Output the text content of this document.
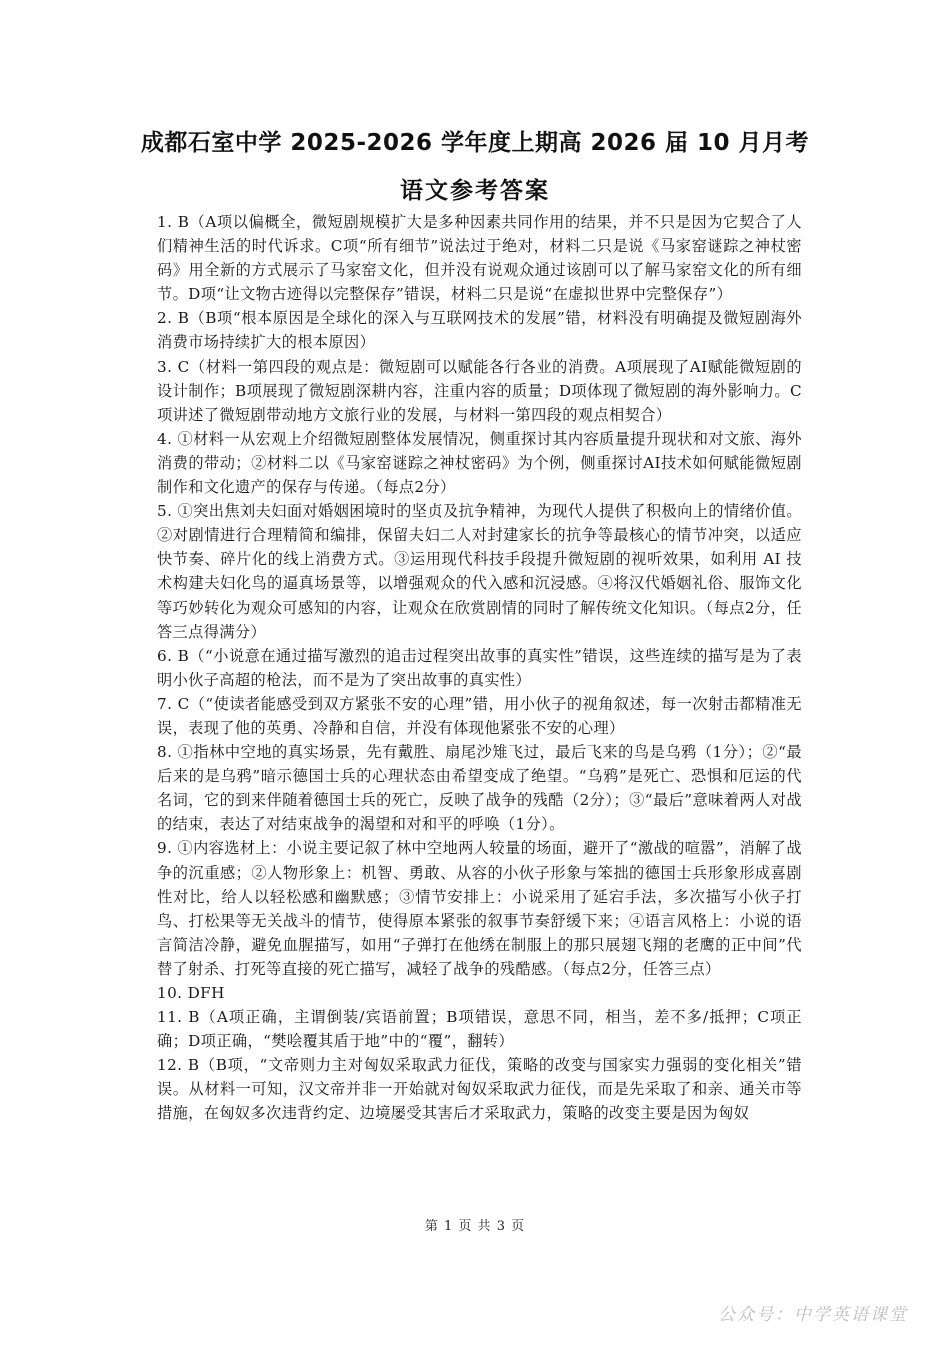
成都石室中学 2025-2026 学年度上期高 2026 届 10 月月考
语文参考答案

1. B（A项以偏概全，微短剧规模扩大是多种因素共同作用的结果，并不只是因为它契合了人们精神生活的时代诉求。C项“所有细节”说法过于绝对，材料二只是说《马家窑谜踪之神杖密码》用全新的方式展示了马家窑文化，但并没有说观众通过该剧可以了解马家窑文化的所有细节。D项“让文物古迹得以完整保存”错误，材料二只是说“在虚拟世界中完整保存”）

2. B（B项“根本原因是全球化的深入与互联网技术的发展”错，材料没有明确提及微短剧海外消费市场持续扩大的根本原因）

3. C（材料一第四段的观点是：微短剧可以赋能各行各业的消费。A项展现了AI赋能微短剧的设计制作；B项展现了微短剧深耕内容，注重内容的质量；D项体现了微短剧的海外影响力。C项讲述了微短剧带动地方文旅行业的发展，与材料一第四段的观点相契合）

4. ①材料一从宏观上介绍微短剧整体发展情况，侧重探讨其内容质量提升现状和对文旅、海外消费的带动；②材料二以《马家窑谜踪之神杖密码》为个例，侧重探讨AI技术如何赋能微短剧制作和文化遗产的保存与传递。（每点2分）

5. ①突出焦刘夫妇面对婚姻困境时的坚贞及抗争精神，为现代人提供了积极向上的情绪价值。②对剧情进行合理精简和编排，保留夫妇二人对封建家长的抗争等最核心的情节冲突，以适应快节奏、碎片化的线上消费方式。③运用现代科技手段提升微短剧的视听效果，如利用 AI 技术构建夫妇化鸟的逼真场景等，以增强观众的代入感和沉浸感。④将汉代婚姻礼俗、服饰文化等巧妙转化为观众可感知的内容，让观众在欣赏剧情的同时了解传统文化知识。（每点2分，任答三点得满分）

6. B（“小说意在通过描写激烈的追击过程突出故事的真实性”错误，这些连续的描写是为了表明小伙子高超的枪法，而不是为了突出故事的真实性）

7. C（“使读者能感受到双方紧张不安的心理”错，用小伙子的视角叙述，每一次射击都精准无误，表现了他的英勇、冷静和自信，并没有体现他紧张不安的心理）

8. ①指林中空地的真实场景，先有戴胜、扇尾沙雉飞过，最后飞来的鸟是乌鸦（1分）；②“最后来的是乌鸦”暗示德国士兵的心理状态由希望变成了绝望。“乌鸦”是死亡、恐惧和厄运的代名词，它的到来伴随着德国士兵的死亡，反映了战争的残酷（2分）；③“最后”意味着两人对战的结束，表达了对结束战争的渴望和对和平的呼唤（1分）。

9. ①内容选材上：小说主要记叙了林中空地两人较量的场面，避开了“激战的喧嚣”，消解了战争的沉重感；②人物形象上：机智、勇敢、从容的小伙子形象与笨拙的德国士兵形象形成喜剧性对比，给人以轻松感和幽默感；③情节安排上：小说采用了延宕手法，多次描写小伙子打鸟、打松果等无关战斗的情节，使得原本紧张的叙事节奏舒缓下来；④语言风格上：小说的语言简洁冷静，避免血腥描写，如用“子弹打在他绣在制服上的那只展翅飞翔的老鹰的正中间”代替了射杀、打死等直接的死亡描写，减轻了战争的残酷感。（每点2分，任答三点）

10. DFH

11. B（A项正确，主谓倒装/宾语前置；B项错误，意思不同，相当，差不多/抵押；C项正确；D项正确，“樊哙覆其盾于地”中的“覆”，翻转）

12. B（B项，“文帝则力主对匈奴采取武力征伐，策略的改变与国家实力强弱的变化相关”错误。从材料一可知，汉文帝并非一开始就对匈奴采取武力征伐，而是先采取了和亲、通关市等措施，在匈奴多次违背约定、边境屡受其害后才采取武力，策略的改变主要是因为匈奴

第 1 页 共 3 页
公众号：中学英语课堂
